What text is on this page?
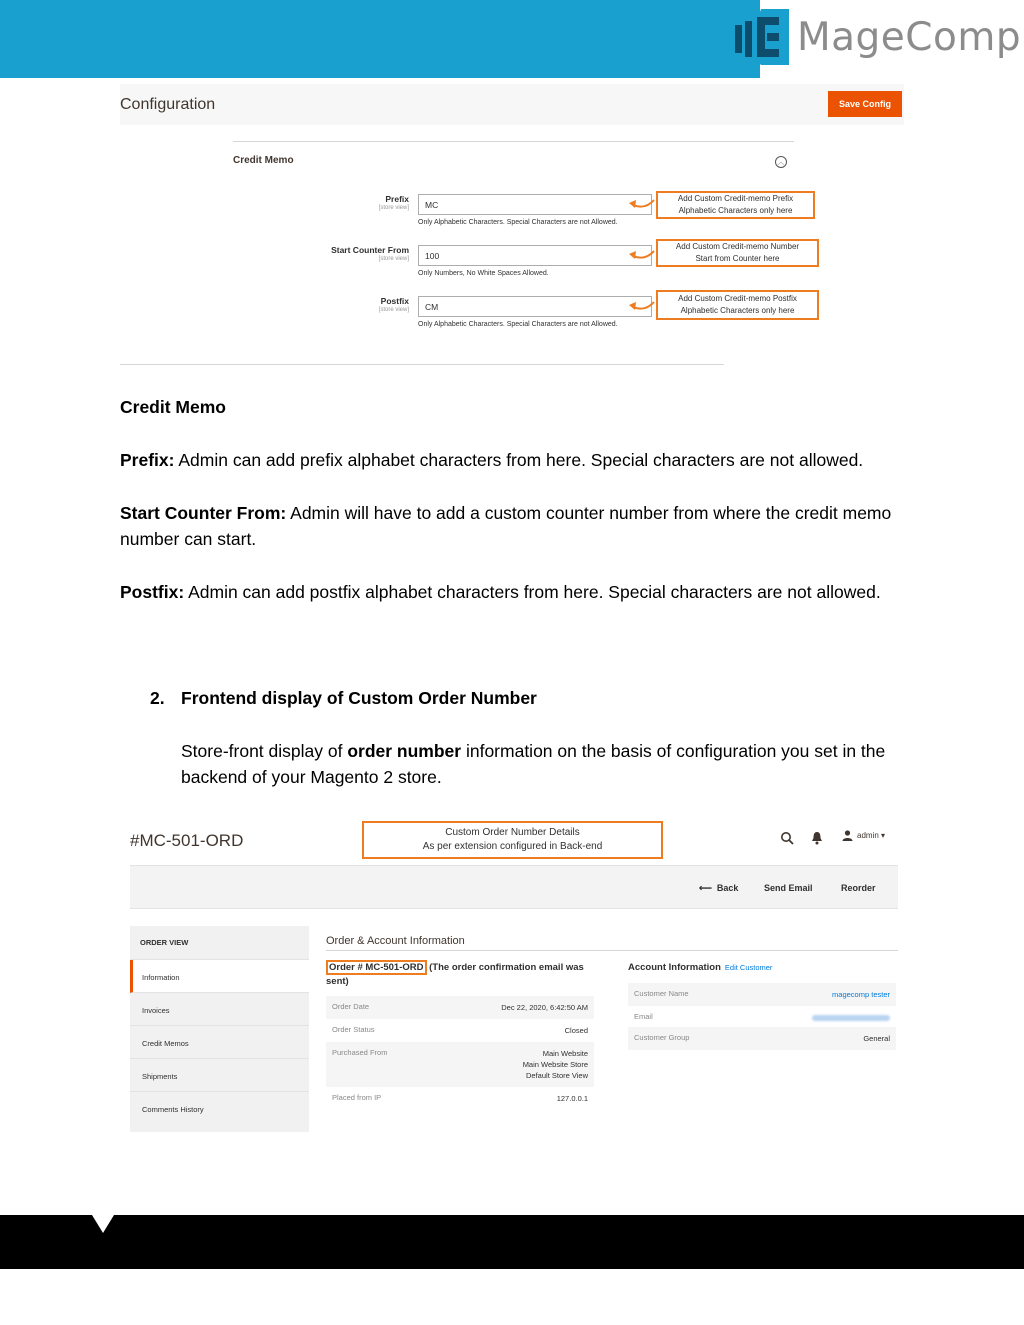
MageComp
Configuration	Save Config
Credit Memo	︿
Prefix
[store view]	MC
Only Alphabetic Characters. Special Characters are not Allowed.
Add Custom Credit-memo Prefix
Alphabetic Characters only here
Start Counter From
[store view]	100
Only Numbers, No White Spaces Allowed.
Add Custom Credit-memo Number
Start from Counter here
Postfix
[store view]	CM
Only Alphabetic Characters. Special Characters are not Allowed.
Add Custom Credit-memo Postfix
Alphabetic Characters only here
Credit Memo
Prefix: Admin can add prefix alphabet characters from here. Special characters are not allowed.
Start Counter From: Admin will have to add a custom counter number from where the credit memo number can start.
Postfix: Admin can add postfix alphabet characters from here. Special characters are not allowed.
2. Frontend display of Custom Order Number
Store-front display of order number information on the basis of configuration you set in the backend of your Magento 2 store.
#MC-501-ORD	Custom Order Number Details
As per extension configured in Back-end
admin ▾
⟵  Back	Send Email	Reorder
ORDER VIEW
Information
Invoices
Credit Memos
Shipments
Comments History
Order & Account Information
Order # MC-501-ORD (The order confirmation email was sent)
Order Date	Dec 22, 2020, 6:42:50 AM
Order Status	Closed
Purchased From	Main Website
Main Website Store
Default Store View
Placed from IP	127.0.0.1
Account Information Edit Customer
Customer Name	magecomp tester
Email
Customer Group	General
